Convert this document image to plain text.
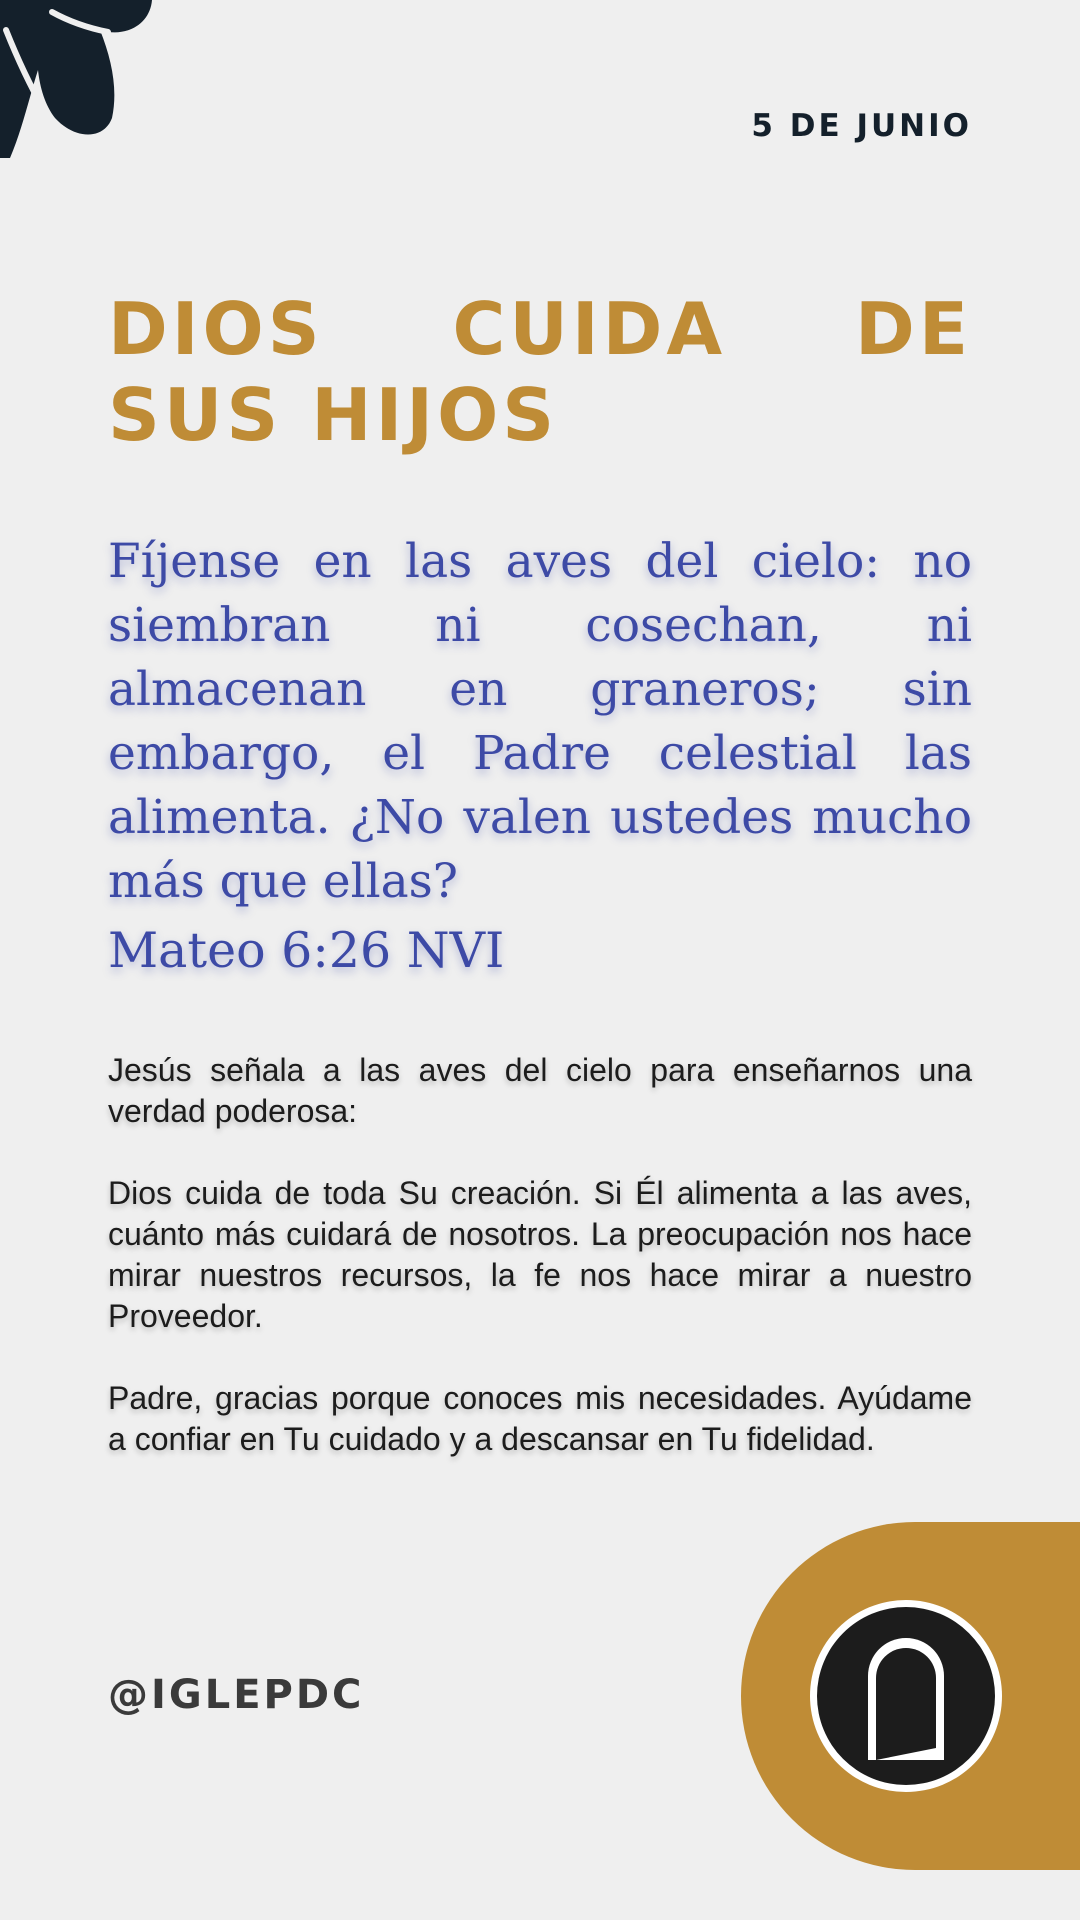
5 DE JUNIO

DIOS CUIDA DE SUS HIJOS

Fíjense en las aves del cielo: no siembran ni cosechan, ni almacenan en graneros; sin embargo, el Padre celestial las alimenta. ¿No valen ustedes mucho más que ellas?

Mateo 6:26 NVI

Jesús señala a las aves del cielo para enseñarnos una verdad poderosa:

Dios cuida de toda Su creación. Si Él alimenta a las aves, cuánto más cuidará de nosotros. La preocupación nos hace mirar nuestros recursos, la fe nos hace mirar a nuestro Proveedor.

Padre, gracias porque conoces mis necesidades. Ayúdame a confiar en Tu cuidado y a descansar en Tu fidelidad.

@IGLEPDC
